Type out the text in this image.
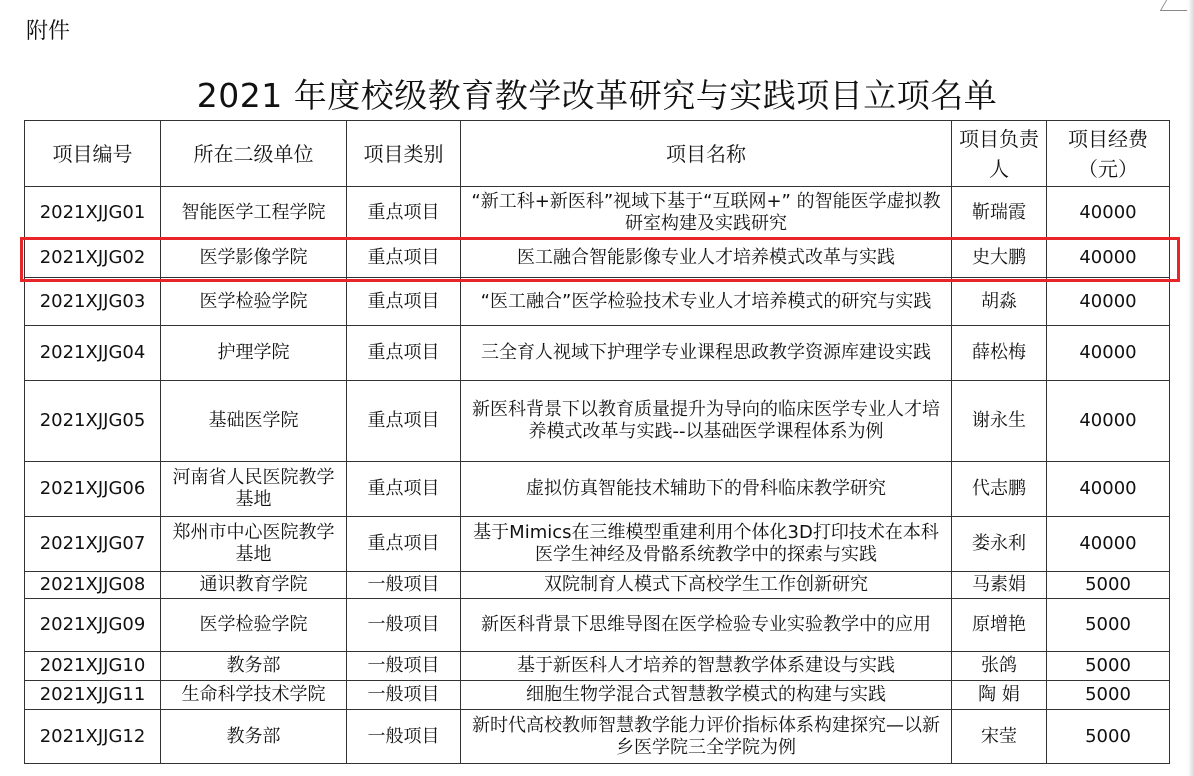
附件
2021 年度校级教育教学改革研究与实践项目立项名单
项目编号	所在二级单位	项目类别	项目名称	项目负责人	项目经费（元）
2021XJJG01	智能医学工程学院	重点项目	“新工科+新医科”视域下基于“互联网+” 的智能医学虚拟教研室构建及实践研究	靳瑞霞	40000
2021XJJG02	医学影像学院	重点项目	医工融合智能影像专业人才培养模式改革与实践	史大鹏	40000
2021XJJG03	医学检验学院	重点项目	“医工融合”医学检验技术专业人才培养模式的研究与实践	胡淼	40000
2021XJJG04	护理学院	重点项目	三全育人视域下护理学专业课程思政教学资源库建设实践	薛松梅	40000
2021XJJG05	基础医学院	重点项目	新医科背景下以教育质量提升为导向的临床医学专业人才培养模式改革与实践--以基础医学课程体系为例	谢永生	40000
2021XJJG06	河南省人民医院教学基地	重点项目	虚拟仿真智能技术辅助下的骨科临床教学研究	代志鹏	40000
2021XJJG07	郑州市中心医院教学基地	重点项目	基于Mimics在三维模型重建利用个体化3D打印技术在本科医学生神经及骨骼系统教学中的探索与实践	娄永利	40000
2021XJJG08	通识教育学院	一般项目	双院制育人模式下高校学生工作创新研究	马素娟	5000
2021XJJG09	医学检验学院	一般项目	新医科背景下思维导图在医学检验专业实验教学中的应用	原增艳	5000
2021XJJG10	教务部	一般项目	基于新医科人才培养的智慧教学体系建设与实践	张鸽	5000
2021XJJG11	生命科学技术学院	一般项目	细胞生物学混合式智慧教学模式的构建与实践	陶 娟	5000
2021XJJG12	教务部	一般项目	新时代高校教师智慧教学能力评价指标体系构建探究—以新乡医学院三全学院为例	宋莹	5000
